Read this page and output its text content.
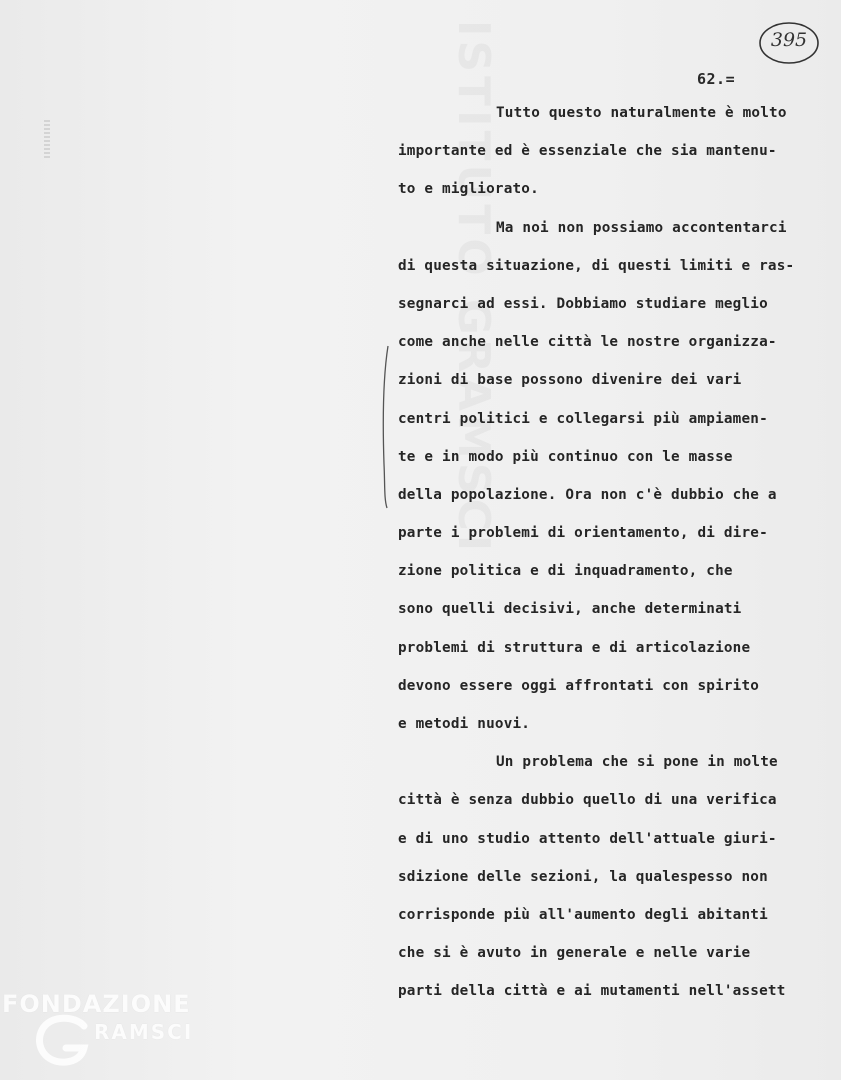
395
62.=
Tutto questo naturalmente è molto
importante ed è essenziale che sia mantenu-
to e migliorato.
Ma noi non possiamo accontentarci
di questa situazione, di questi limiti e ras-
segnarci ad essi. Dobbiamo studiare meglio
come anche nelle città le nostre organizza-
zioni di base possono divenire dei vari
centri politici e collegarsi più ampiamen-
te e in modo più continuo con le masse
della popolazione. Ora non c'è dubbio che a
parte i problemi di orientamento, di dire-
zione politica e di inquadramento, che
sono quelli decisivi, anche determinati
problemi di struttura e di articolazione
devono essere oggi affrontati con spirito
e metodi nuovi.
Un problema che si pone in molte
città è senza dubbio quello di una verifica
e di uno studio attento dell'attuale giuri-
sdizione delle sezioni, la qualespesso non
corrisponde più all'aumento degli abitanti
che si è avuto in generale e nelle varie
parti della città e ai mutamenti nell'assett
FONDAZIONE
RAMSCI
